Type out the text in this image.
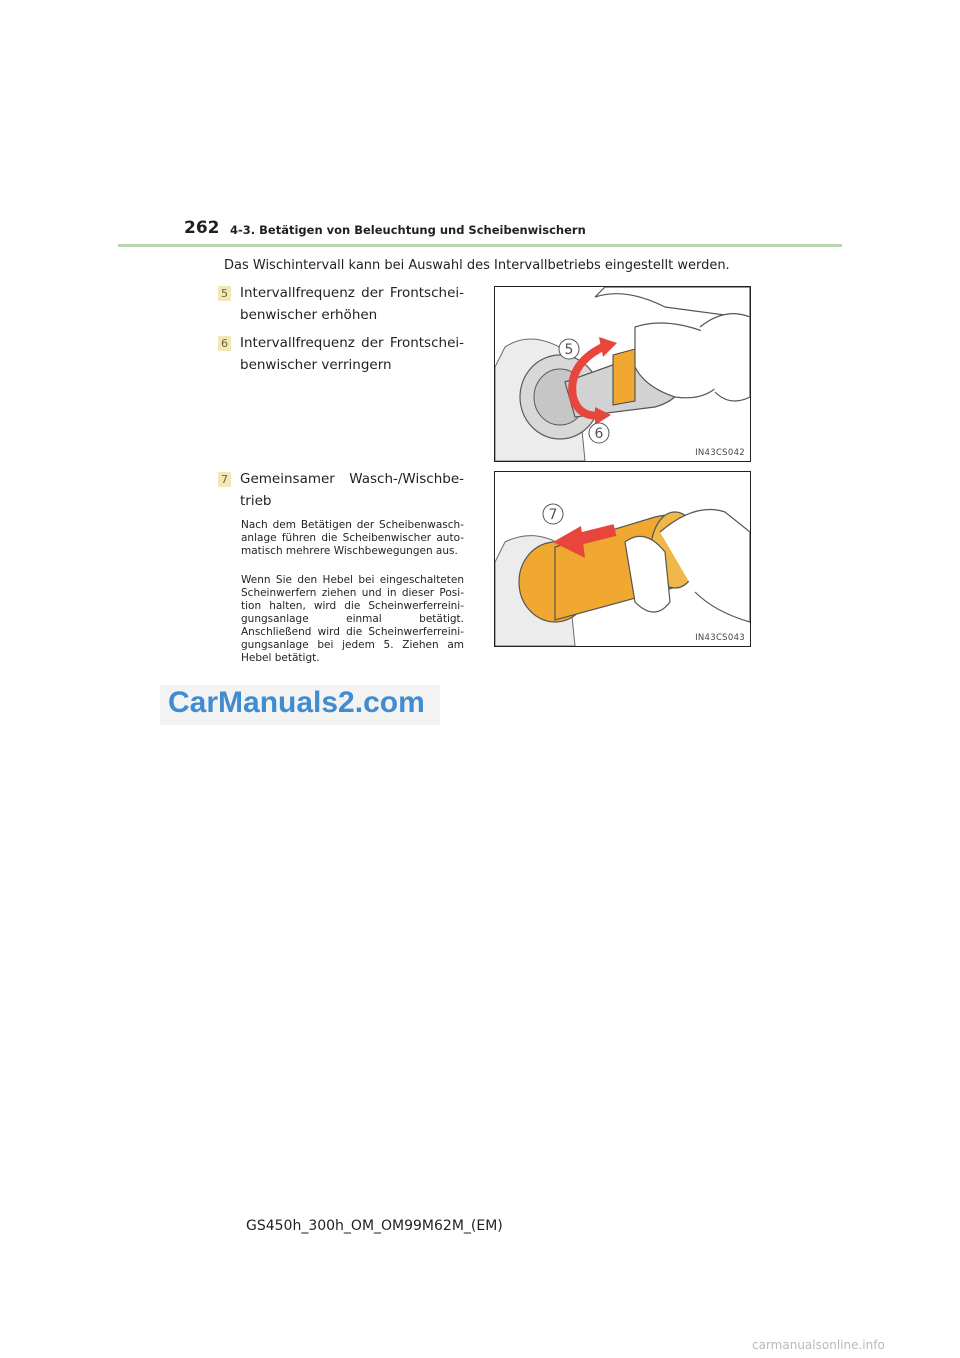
262 4-3. Betätigen von Beleuchtung und Scheibenwischern
Das Wischintervall kann bei Auswahl des Intervallbetriebs eingestellt werden.
5 Intervallfrequenz der Frontschei-
benwischer erhöhen
6 Intervallfrequenz der Frontschei-
benwischer verringern
5
6
IN43CS042
7 Gemeinsamer Wasch-/Wischbe-
trieb
Nach dem Betätigen der Scheibenwasch-anlage führen die Scheibenwischer auto-matisch mehrere Wischbewegungen aus.
Wenn Sie den Hebel bei eingeschalteten Scheinwerfern ziehen und in dieser Posi-tion halten, wird die Scheinwerferreini-gungsanlage einmal betätigt. Anschließend wird die Scheinwerferreini-gungsanlage bei jedem 5. Ziehen am Hebel betätigt.
7
IN43CS043
CarManuals2.com
GS450h_300h_OM_OM99M62M_(EM)
carmanualsonline.info
